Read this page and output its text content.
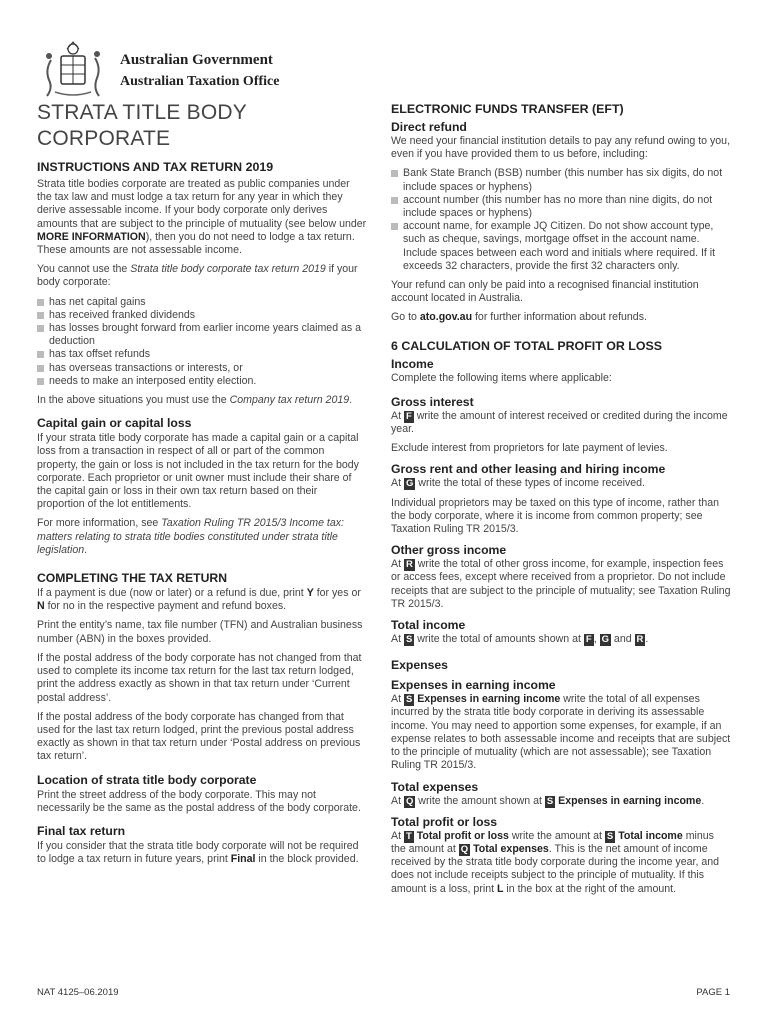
Australian Government
Australian Taxation Office
STRATA TITLE BODY
CORPORATE
INSTRUCTIONS AND TAX RETURN 2019

Strata title bodies corporate are treated as public companies under the tax law and must lodge a tax return for any year in which they derive assessable income. If your body corporate only derives amounts that are subject to the principle of mutuality (see below under MORE INFORMATION), then you do not need to lodge a tax return. These amounts are not assessable income.

You cannot use the Strata title body corporate tax return 2019 if your body corporate:

has net capital gains
has received franked dividends
has losses brought forward from earlier income years claimed as a deduction
has tax offset refunds
has overseas transactions or interests, or
needs to make an interposed entity election.

In the above situations you must use the Company tax return 2019.

Capital gain or capital loss

If your strata title body corporate has made a capital gain or a capital loss from a transaction in respect of all or part of the common property, the gain or loss is not included in the tax return for the body corporate. Each proprietor or unit owner must include their share of the capital gain or loss in their own tax return based on their proportion of the lot entitlements.

For more information, see Taxation Ruling TR 2015/3 Income tax: matters relating to strata title bodies constituted under strata title legislation.

COMPLETING THE TAX RETURN

If a payment is due (now or later) or a refund is due, print Y for yes or N for no in the respective payment and refund boxes.

Print the entity’s name, tax file number (TFN) and Australian business number (ABN) in the boxes provided.

If the postal address of the body corporate has not changed from that used to complete its income tax return for the last tax return lodged, print the address exactly as shown in that tax return under ‘Current postal address’.

If the postal address of the body corporate has changed from that used for the last tax return lodged, print the previous postal address exactly as shown in that tax return under ‘Postal address on previous tax return’.

Location of strata title body corporate

Print the street address of the body corporate. This may not necessarily be the same as the postal address of the body corporate.

Final tax return

If you consider that the strata title body corporate will not be required to lodge a tax return in future years, print Final in the block provided.

ELECTRONIC FUNDS TRANSFER (EFT)
Direct refund

We need your financial institution details to pay any refund owing to you, even if you have provided them to us before, including:

Bank State Branch (BSB) number (this number has six digits, do not include spaces or hyphens)
account number (this number has no more than nine digits, do not include spaces or hyphens)
account name, for example JQ Citizen. Do not show account type, such as cheque, savings, mortgage offset in the account name. Include spaces between each word and initials where required. If it exceeds 32 characters, provide the first 32 characters only.

Your refund can only be paid into a recognised financial institution account located in Australia.

Go to ato.gov.au for further information about refunds.

6 CALCULATION OF TOTAL PROFIT OR LOSS
Income

Complete the following items where applicable:

Gross interest

At F write the amount of interest received or credited during the income year.

Exclude interest from proprietors for late payment of levies.

Gross rent and other leasing and hiring income

At G write the total of these types of income received.

Individual proprietors may be taxed on this type of income, rather than the body corporate, where it is income from common property; see Taxation Ruling TR 2015/3.

Other gross income

At R write the total of other gross income, for example, inspection fees or access fees, except where received from a proprietor. Do not include receipts that are subject to the principle of mutuality; see Taxation Ruling TR 2015/3.

Total income

At S write the total of amounts shown at F , G and R .

Expenses
Expenses in earning income

At S Expenses in earning income write the total of all expenses incurred by the strata title body corporate in deriving its assessable income. You may need to apportion some expenses, for example, if an expense relates to both assessable income and receipts that are subject to the principle of mutuality (which are not assessable); see Taxation Ruling TR 2015/3.

Total expenses

At Q write the amount shown at S Expenses in earning income.

Total profit or loss

At T Total profit or loss write the amount at S Total income minus the amount at Q Total expenses. This is the net amount of income received by the strata title body corporate during the income year, and does not include receipts subject to the principle of mutuality. If this amount is a loss, print L in the box at the right of the amount.

NAT 4125–06.2019	PAGE 1
